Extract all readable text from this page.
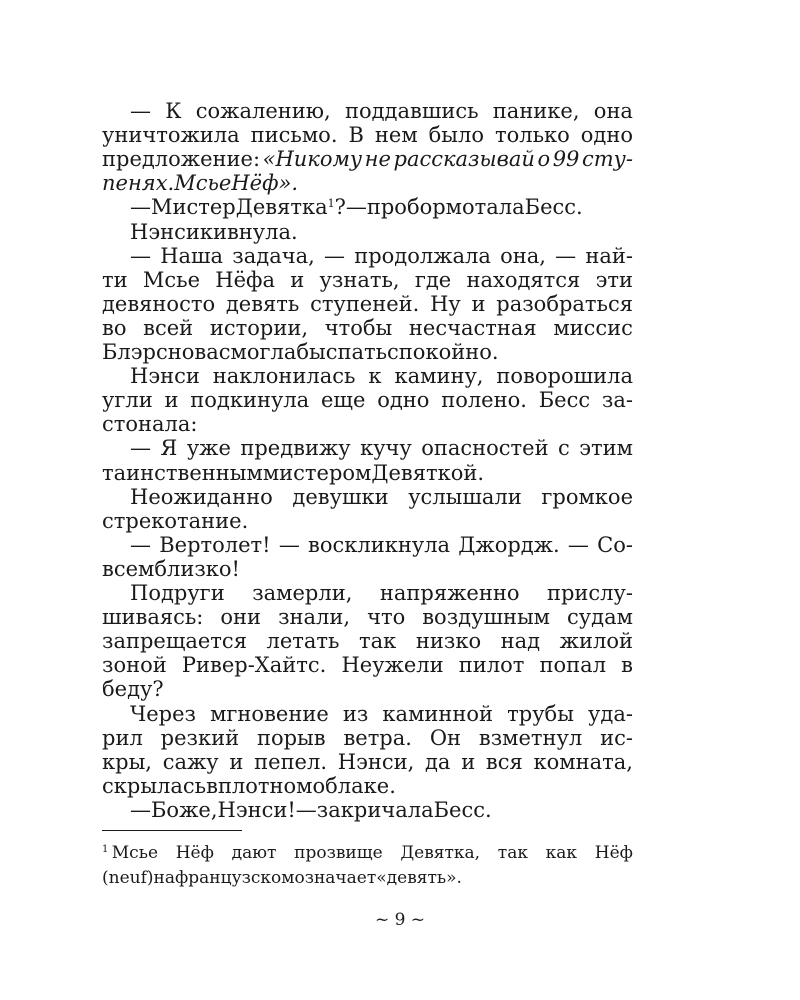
— К сожалению, поддавшись панике, она
уничтожила письмо. В нем было только одно
предложение: «Никому не рассказывай о 99 сту-
пенях. Мсье Нёф».
— Мистер Девятка$^1$? — пробормотала Бесс.
Нэнси кивнула.
— Наша задача, — продолжала она, — най-
ти Мсье Нёфа и узнать, где находятся эти
девяносто девять ступеней. Ну и разобраться
во всей истории, чтобы несчастная миссис
Блэр снова смогла бы спать спокойно.
Нэнси наклонилась к камину, поворошила
угли и подкинула еще одно полено. Бесс за-
стонала:
— Я уже предвижу кучу опасностей с этим
таинственным мистером Девяткой.
Неожиданно девушки услышали громкое
стрекотание.
— Вертолет! — воскликнула Джордж. — Со-
всем близко!
Подруги замерли, напряженно прислу-
шиваясь: они знали, что воздушным судам
запрещается летать так низко над жилой
зоной Ривер-Хайтс. Неужели пилот попал в
беду?
Через мгновение из каминной трубы уда-
рил резкий порыв ветра. Он взметнул ис-
кры, сажу и пепел. Нэнси, да и вся комната,
скрылась в плотном облаке.
— Боже, Нэнси! — закричала Бесс.
$^1$ Мсье Нёф дают прозвище Девятка, так как Нёф
(neuf) на французском означает «девять».
~ 9 ~
